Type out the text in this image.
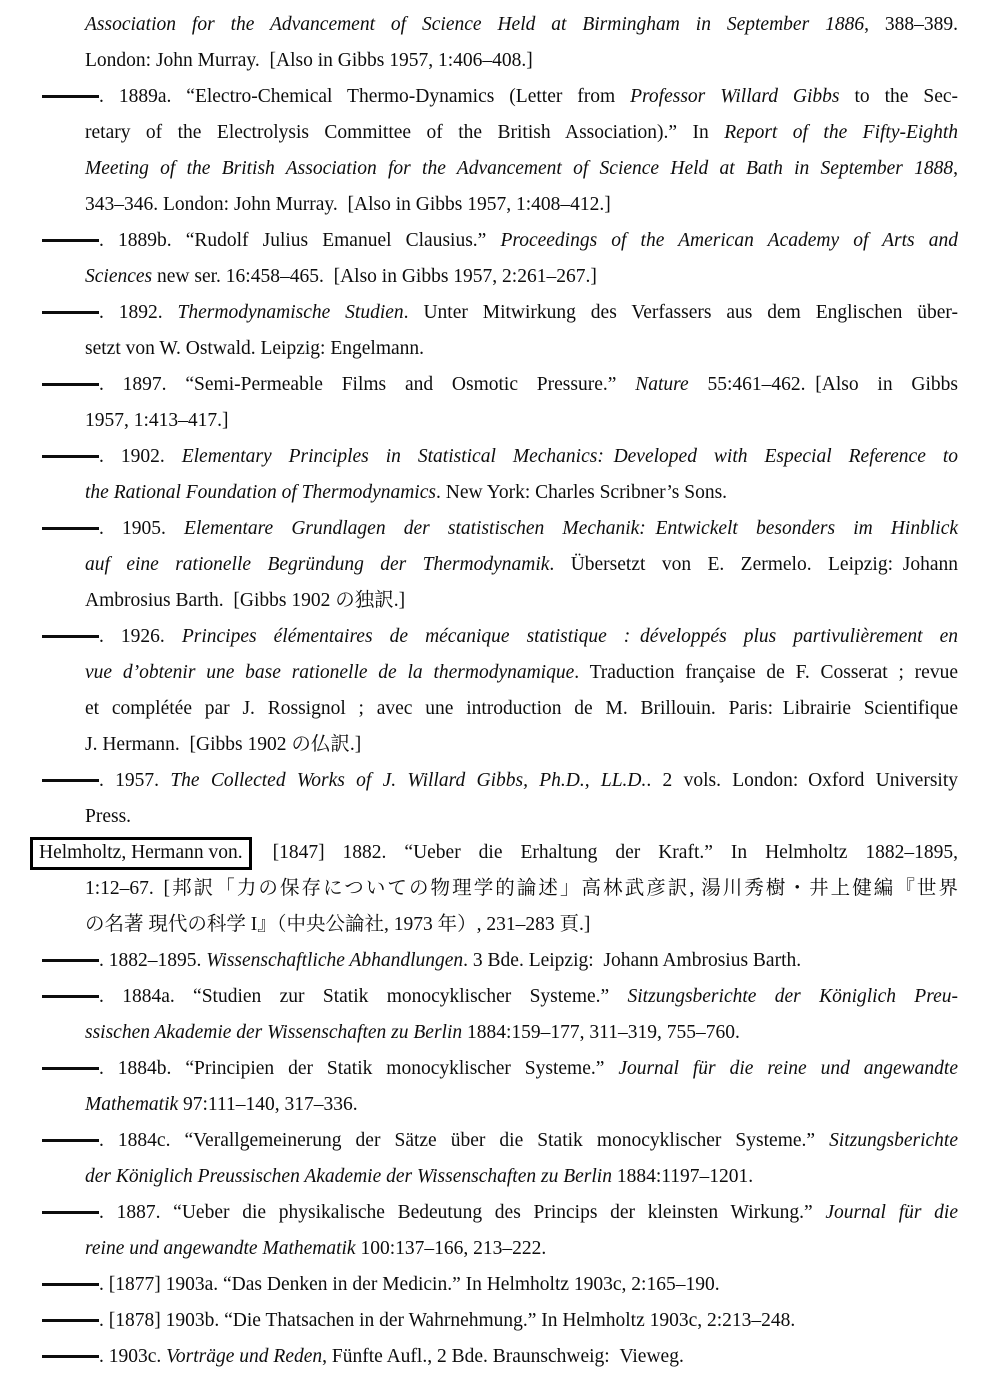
Association for the Advancement of Science Held at Birmingham in September 1886, 388–389.
London: John Murray. [Also in Gibbs 1957, 1:406–408.]
. 1889a. “Electro-Chemical Thermo-Dynamics (Letter from Professor Willard Gibbs to the Sec-
retary of the Electrolysis Committee of the British Association).” In Report of the Fifty-Eighth
Meeting of the British Association for the Advancement of Science Held at Bath in September 1888,
343–346. London: John Murray. [Also in Gibbs 1957, 1:408–412.]
. 1889b. “Rudolf Julius Emanuel Clausius.” Proceedings of the American Academy of Arts and
Sciences new ser. 16:458–465. [Also in Gibbs 1957, 2:261–267.]
. 1892. Thermodynamische Studien. Unter Mitwirkung des Verfassers aus dem Englischen über-
setzt von W. Ostwald. Leipzig: Engelmann.
. 1897. “Semi-Permeable Films and Osmotic Pressure.” Nature 55:461–462. [Also in Gibbs
1957, 1:413–417.]
. 1902. Elementary Principles in Statistical Mechanics: Developed with Especial Reference to
the Rational Foundation of Thermodynamics. New York: Charles Scribner’s Sons.
. 1905. Elementare Grundlagen der statistischen Mechanik: Entwickelt besonders im Hinblick
auf eine rationelle Begründung der Thermodynamik. Übersetzt von E. Zermelo. Leipzig: Johann
Ambrosius Barth. [Gibbs 1902 の独訳.]
. 1926. Principes élémentaires de mécanique statistique : développés plus partivulièrement en
vue d’obtenir une base rationelle de la thermodynamique. Traduction française de F. Cosserat ; revue
et complétée par J. Rossignol ; avec une introduction de M. Brillouin. Paris: Librairie Scientifique
J. Hermann. [Gibbs 1902 の仏訳.]
. 1957. The Collected Works of J. Willard Gibbs, Ph.D., LL.D.. 2 vols. London: Oxford University
Press.
Helmholtz, Hermann von. [1847] 1882. “Ueber die Erhaltung der Kraft.” In Helmholtz 1882–1895,
1:12–67. [邦訳「力の保存についての物理学的論述」高林武彦訳, 湯川秀樹・井上健編『世界
の名著 現代の科学 I』（中央公論社, 1973 年）, 231–283 頁.]
. 1882–1895. Wissenschaftliche Abhandlungen. 3 Bde. Leipzig: Johann Ambrosius Barth.
. 1884a. “Studien zur Statik monocyklischer Systeme.” Sitzungsberichte der Königlich Preu-
ssischen Akademie der Wissenschaften zu Berlin 1884:159–177, 311–319, 755–760.
. 1884b. “Principien der Statik monocyklischer Systeme.” Journal für die reine und angewandte
Mathematik 97:111–140, 317–336.
. 1884c. “Verallgemeinerung der Sätze über die Statik monocyklischer Systeme.” Sitzungsberichte
der Königlich Preussischen Akademie der Wissenschaften zu Berlin 1884:1197–1201.
. 1887. “Ueber die physikalische Bedeutung des Princips der kleinsten Wirkung.” Journal für die
reine und angewandte Mathematik 100:137–166, 213–222.
. [1877] 1903a. “Das Denken in der Medicin.” In Helmholtz 1903c, 2:165–190.
. [1878] 1903b. “Die Thatsachen in der Wahrnehmung.” In Helmholtz 1903c, 2:213–248.
. 1903c. Vorträge und Reden, Fünfte Aufl., 2 Bde. Braunschweig: Vieweg.
